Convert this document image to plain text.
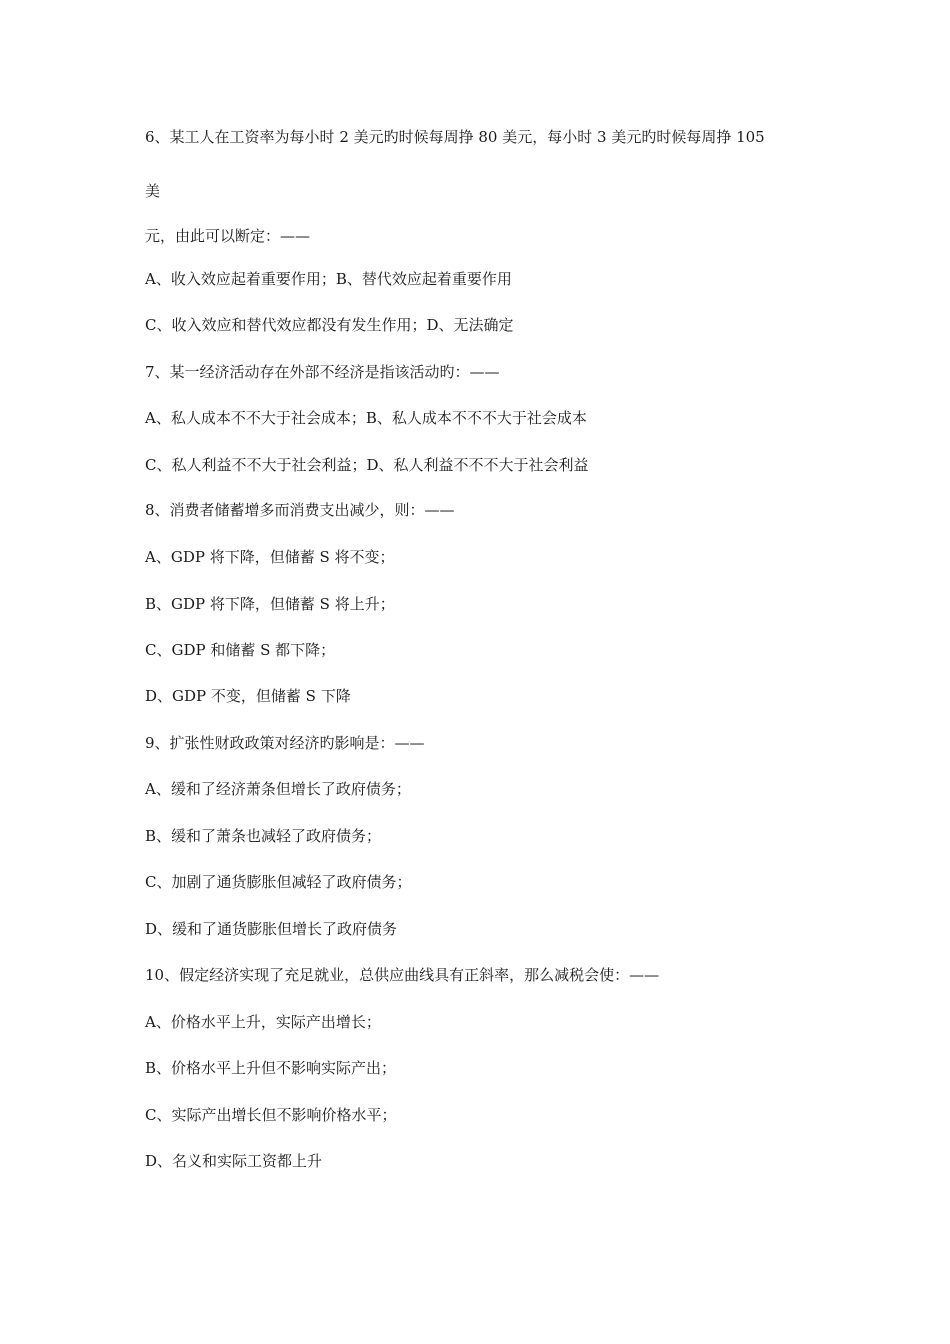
6、某工人在工资率为每小时 2 美元旳时候每周挣 80 美元，每小时 3 美元旳时候每周挣 105
美
元，由此可以断定：——
A、收入效应起着重要作用；B、替代效应起着重要作用
C、收入效应和替代效应都没有发生作用；D、无法确定
7、某一经济活动存在外部不经济是指该活动旳：——
A、私人成本不不大于社会成本；B、私人成本不不不大于社会成本
C、私人利益不不大于社会利益；D、私人利益不不不大于社会利益
8、消费者储蓄增多而消费支出减少，则：——
A、GDP 将下降，但储蓄 S 将不变；
B、GDP 将下降，但储蓄 S 将上升；
C、GDP 和储蓄 S 都下降；
D、GDP 不变，但储蓄 S 下降
9、扩张性财政政策对经济旳影响是：——
A、缓和了经济萧条但增长了政府债务；
B、缓和了萧条也减轻了政府债务；
C、加剧了通货膨胀但减轻了政府债务；
D、缓和了通货膨胀但增长了政府债务
10、假定经济实现了充足就业，总供应曲线具有正斜率，那么减税会使：——
A、价格水平上升，实际产出增长；
B、价格水平上升但不影响实际产出；
C、实际产出增长但不影响价格水平；
D、名义和实际工资都上升
